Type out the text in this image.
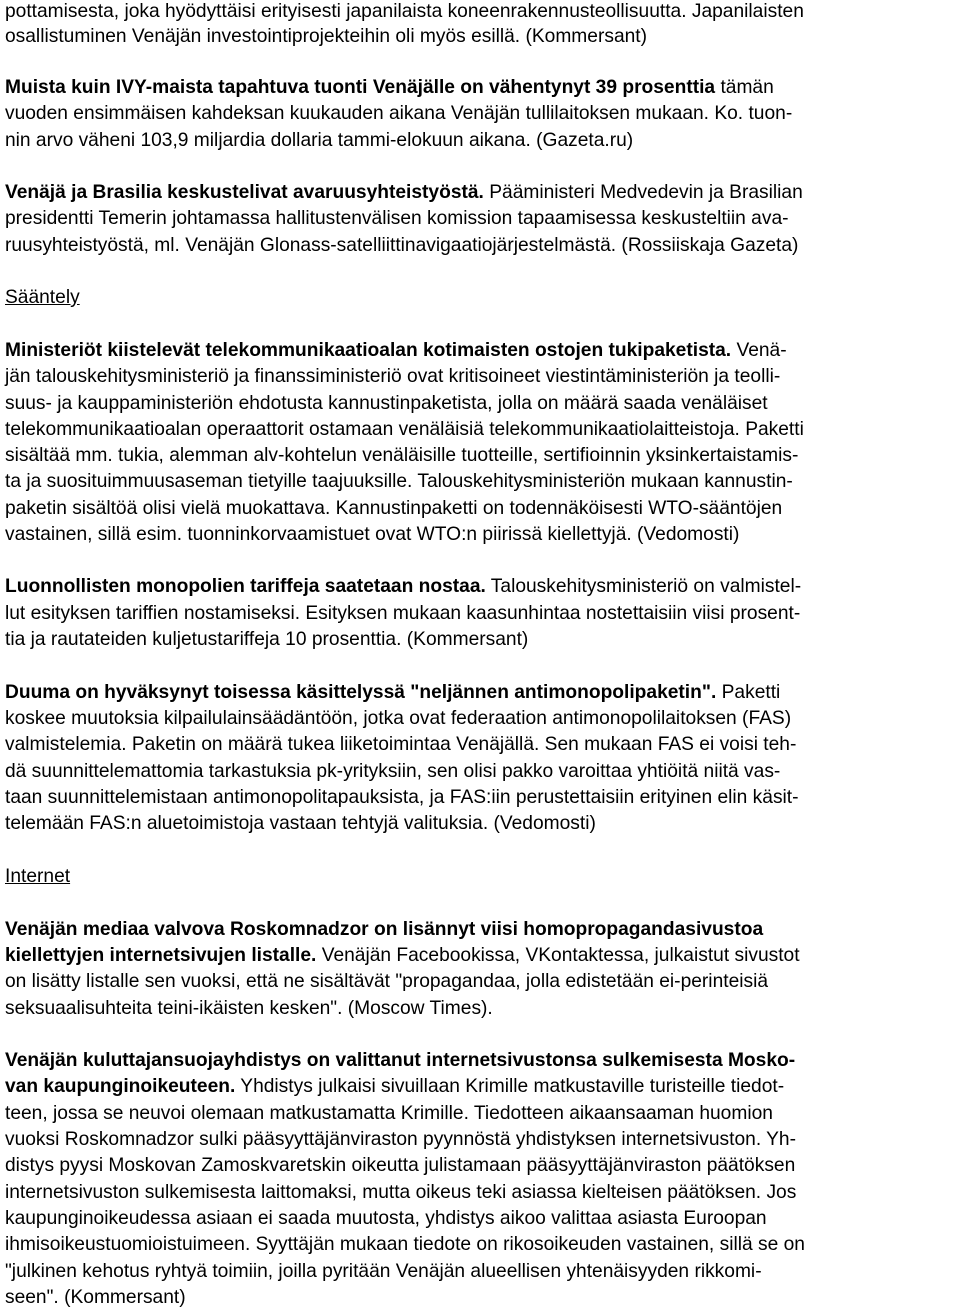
pottamisesta, joka hyödyttäisi erityisesti japanilaista koneenrakennusteollisuutta. Japanilaisten
osallistuminen Venäjän investointiprojekteihin oli myös esillä. (Kommersant)
Muista kuin IVY-maista tapahtuva tuonti Venäjälle on vähentynyt 39 prosenttia tämän
vuoden ensimmäisen kahdeksan kuukauden aikana Venäjän tullilaitoksen mukaan. Ko. tuon-
nin arvo väheni 103,9 miljardia dollaria tammi-elokuun aikana. (Gazeta.ru)
Venäjä ja Brasilia keskustelivat avaruusyhteistyöstä. Pääministeri Medvedevin ja Brasilian
presidentti Temerin johtamassa hallitustenvälisen komission tapaamisessa keskusteltiin ava-
ruusyhteistyöstä, ml. Venäjän Glonass-satelliittinavigaatiojärjestelmästä. (Rossiiskaja Gazeta)
Sääntely
Ministeriöt kiistelevät telekommunikaatioalan kotimaisten ostojen tukipaketista. Venä-
jän talouskehitysministeriö ja finanssiministeriö ovat kritisoineet viestintäministeriön ja teolli-
suus- ja kauppaministeriön ehdotusta kannustinpaketista, jolla on määrä saada venäläiset
telekommunikaatioalan operaattorit ostamaan venäläisiä telekommunikaatiolaitteistoja. Paketti
sisältää mm. tukia, alemman alv-kohtelun venäläisille tuotteille, sertifioinnin yksinkertaistamis-
ta ja suosituimmuusaseman tietyille taajuuksille. Talouskehitysministeriön mukaan kannustin-
paketin sisältöä olisi vielä muokattava. Kannustinpaketti on todennäköisesti WTO-sääntöjen
vastainen, sillä esim. tuonninkorvaamistuet ovat WTO:n piirissä kiellettyjä. (Vedomosti)
Luonnollisten monopolien tariffeja saatetaan nostaa. Talouskehitysministeriö on valmistel-
lut esityksen tariffien nostamiseksi. Esityksen mukaan kaasunhintaa nostettaisiin viisi prosent-
tia ja rautateiden kuljetustariffeja 10 prosenttia. (Kommersant)
Duuma on hyväksynyt toisessa käsittelyssä "neljännen antimonopolipaketin". Paketti
koskee muutoksia kilpailulainsäädäntöön, jotka ovat federaation antimonopolilaitoksen (FAS)
valmistelemia. Paketin on määrä tukea liiketoimintaa Venäjällä. Sen mukaan FAS ei voisi teh-
dä suunnittelemattomia tarkastuksia pk-yrityksiin, sen olisi pakko varoittaa yhtiöitä niitä vas-
taan suunnittelemistaan antimonopolitapauksista, ja FAS:iin perustettaisiin erityinen elin käsit-
telemään FAS:n aluetoimistoja vastaan tehtyjä valituksia. (Vedomosti)
Internet
Venäjän mediaa valvova Roskomnadzor on lisännyt viisi homopropagandasivustoa
kiellettyjen internetsivujen listalle. Venäjän Facebookissa, VKontaktessa, julkaistut sivustot
on lisätty listalle sen vuoksi, että ne sisältävät "propagandaa, jolla edistetään ei-perinteisiä
seksuaalisuhteita teini-ikäisten kesken". (Moscow Times).
Venäjän kuluttajansuojayhdistys on valittanut internetsivustonsa sulkemisesta Mosko-
van kaupunginoikeuteen. Yhdistys julkaisi sivuillaan Krimille matkustaville turisteille tiedot-
teen, jossa se neuvoi olemaan matkustamatta Krimille. Tiedotteen aikaansaaman huomion
vuoksi Roskomnadzor sulki pääsyyttäjänviraston pyynnöstä yhdistyksen internetsivuston. Yh-
distys pyysi Moskovan Zamoskvaretskin oikeutta julistamaan pääsyyttäjänviraston päätöksen
internetsivuston sulkemisesta laittomaksi, mutta oikeus teki asiassa kielteisen päätöksen. Jos
kaupunginoikeudessa asiaan ei saada muutosta, yhdistys aikoo valittaa asiasta Euroopan
ihmisoikeustuomioistuimeen. Syyttäjän mukaan tiedote on rikosoikeuden vastainen, sillä se on
"julkinen kehotus ryhtyä toimiin, joilla pyritään Venäjän alueellisen yhtenäisyyden rikkomi-
seen". (Kommersant)
